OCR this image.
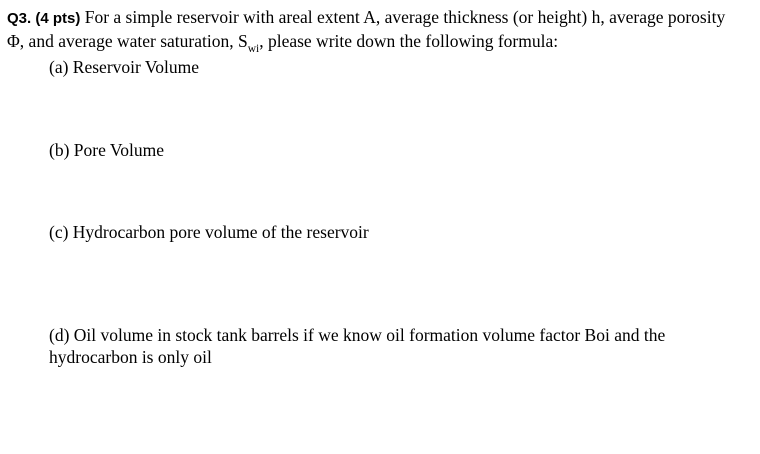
Q3. (4 pts) For a simple reservoir with areal extent A, average thickness (or height) h, average porosity
Φ, and average water saturation, $S_{wi}$, please write down the following formula:
(a) Reservoir Volume
(b) Pore Volume
(c) Hydrocarbon pore volume of the reservoir
(d) Oil volume in stock tank barrels if we know oil formation volume factor Boi and the
hydrocarbon is only oil
